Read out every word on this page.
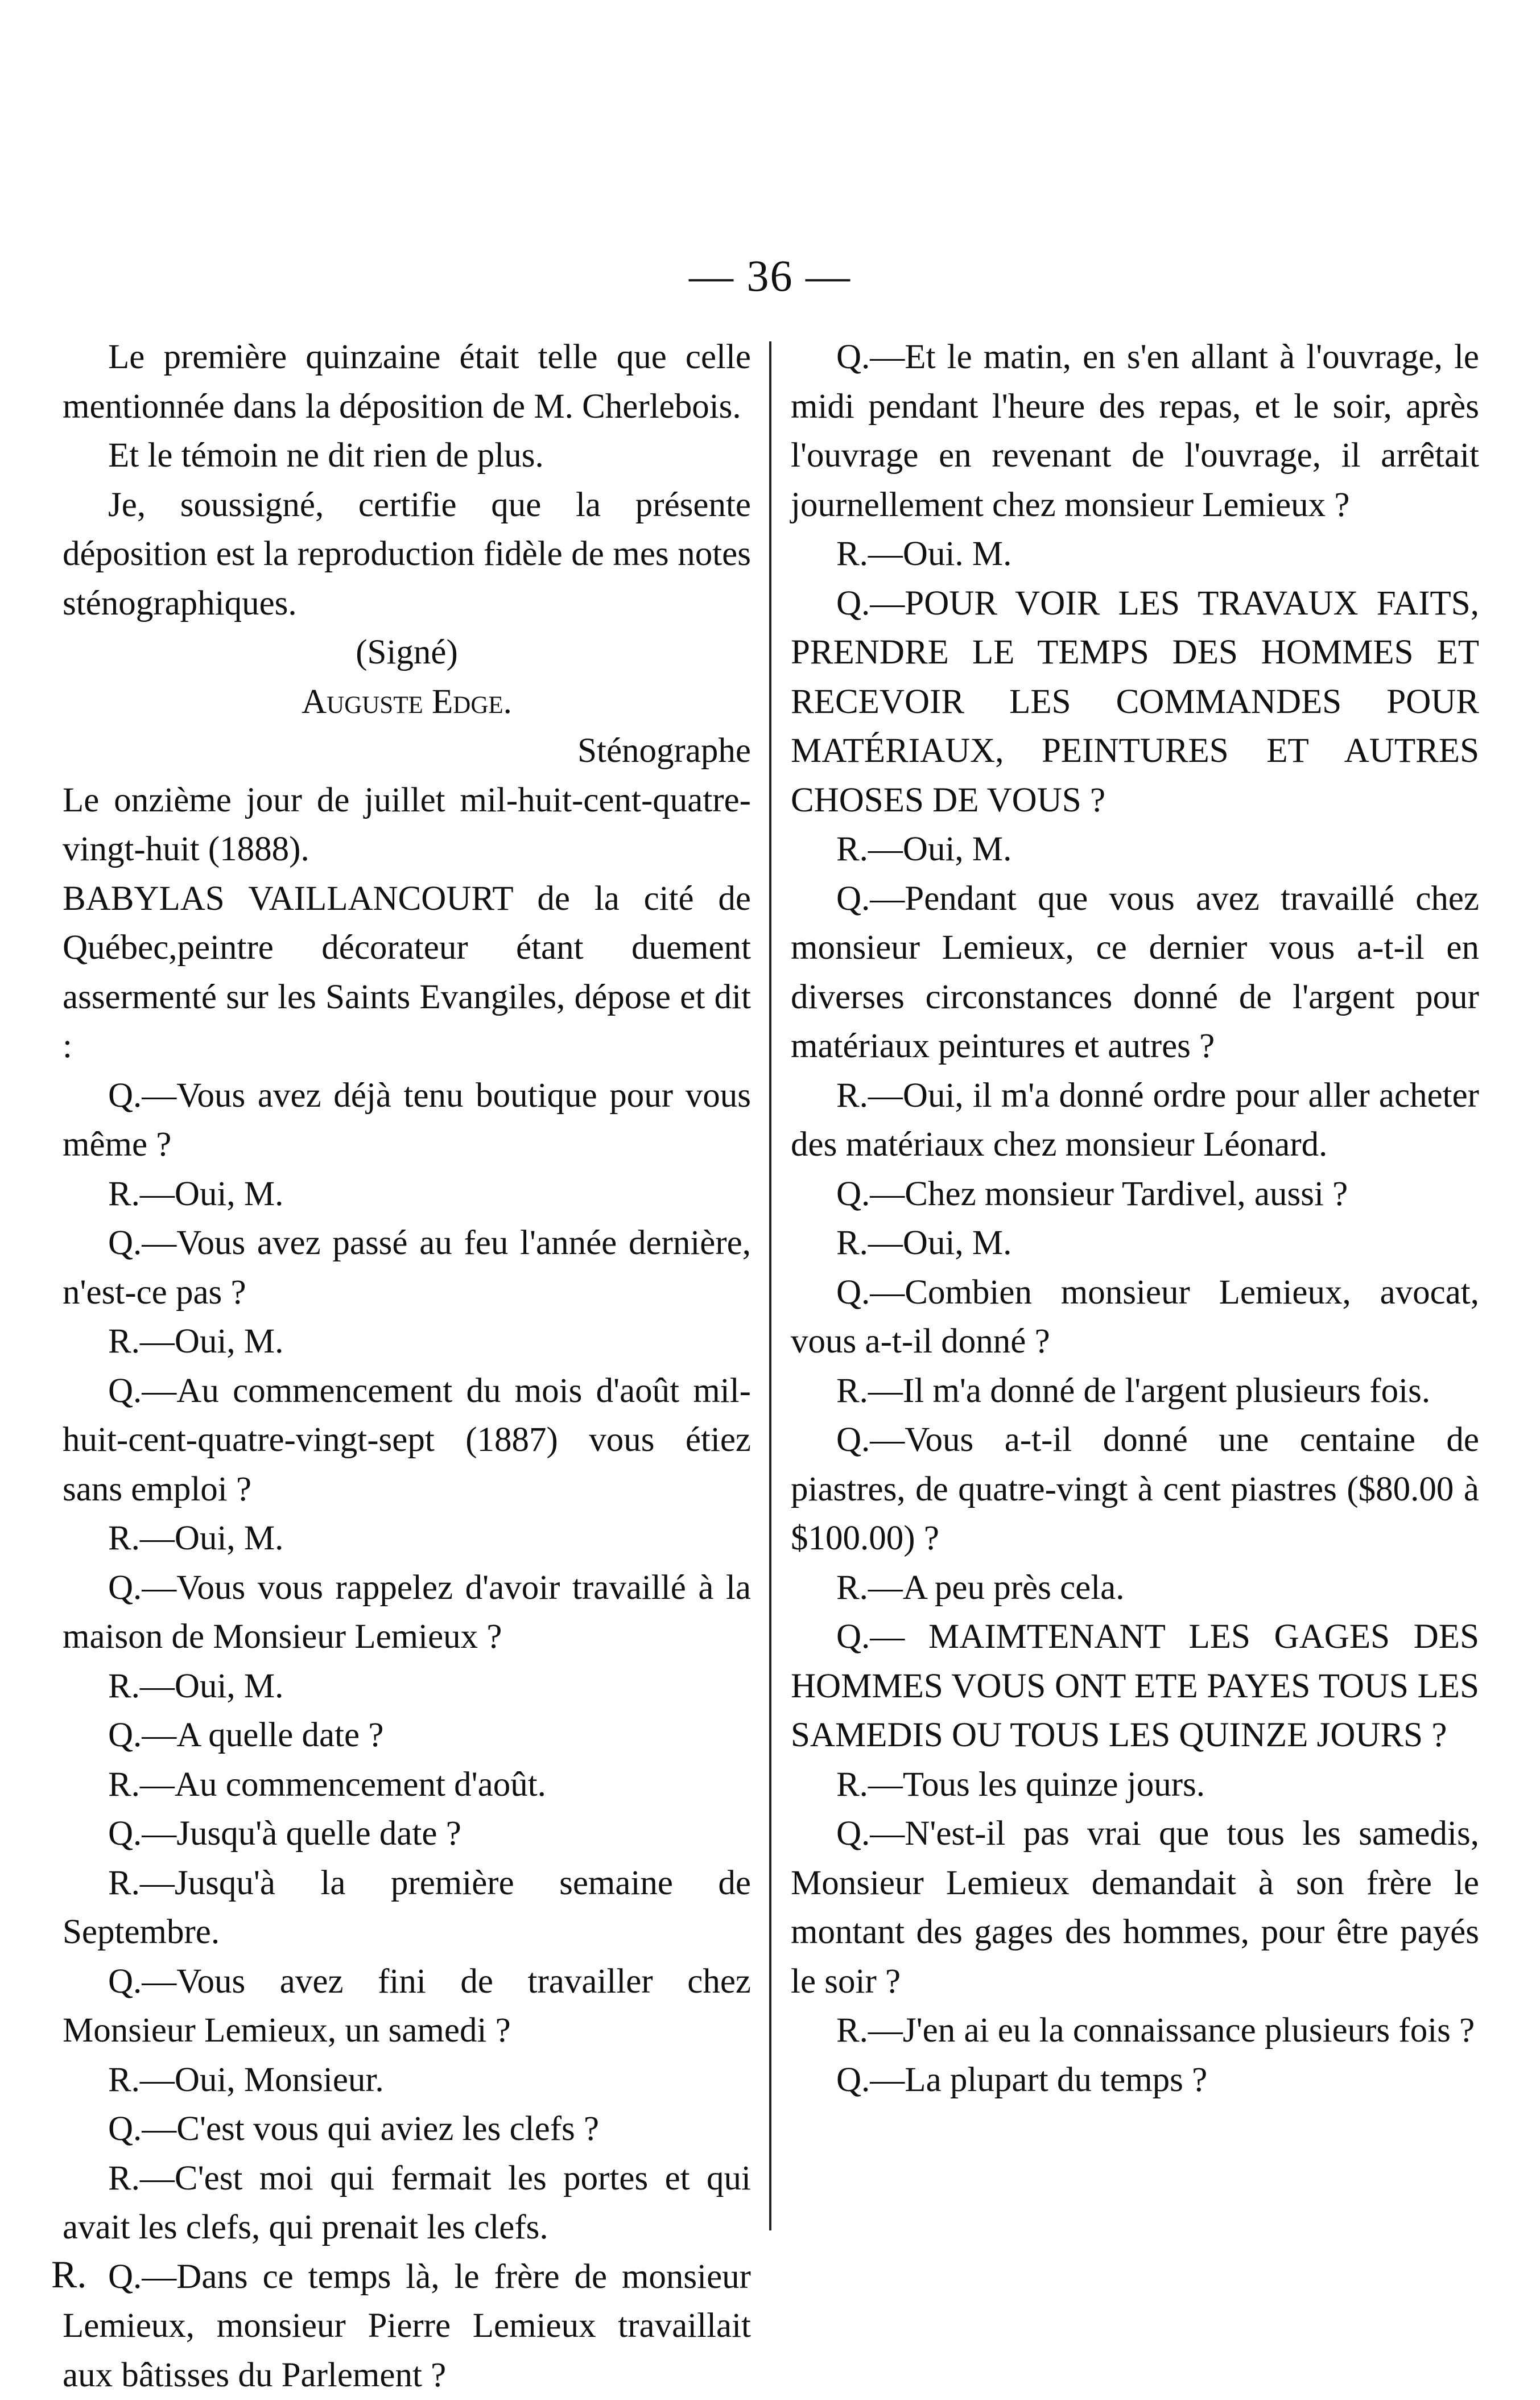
— 36 —

Le première quinzaine était telle que celle mentionnée dans la déposition de M. Cherlebois.

Et le témoin ne dit rien de plus.

Je, soussigné, certifie que la présente déposition est la reproduction fidèle de mes notes sténographiques.

(Signé)

Auguste Edge.

Sténographe

Le onzième jour de juillet mil-huit-cent-quatre-vingt-huit (1888).

BABYLAS VAILLANCOURT de la cité de Québec,peintre décorateur étant duement assermenté sur les Saints Evangiles, dépose et dit :

Q.—Vous avez déjà tenu boutique pour vous même ?

R.—Oui, M.

Q.—Vous avez passé au feu l'année dernière, n'est-ce pas ?

R.—Oui, M.

Q.—Au commencement du mois d'août mil-huit-cent-quatre-vingt-sept (1887) vous étiez sans emploi ?

R.—Oui, M.

Q.—Vous vous rappelez d'avoir travaillé à la maison de Monsieur Lemieux ?

R.—Oui, M.

Q.—A quelle date ?

R.—Au commencement d'août.

Q.—Jusqu'à quelle date ?

R.—Jusqu'à la première semaine de Septembre.

Q.—Vous avez fini de travailler chez Monsieur Lemieux, un samedi ?

R.—Oui, Monsieur.

Q.—C'est vous qui aviez les clefs ?

R.—C'est moi qui fermait les portes et qui avait les clefs, qui prenait les clefs.

Q.—Dans ce temps là, le frère de monsieur Lemieux, monsieur Pierre Lemieux travaillait aux bâtisses du Parlement ?

Q.—Et le matin, en s'en allant à l'ouvrage, le midi pendant l'heure des repas, et le soir, après l'ouvrage en revenant de l'ouvrage, il arrêtait journellement chez monsieur Lemieux ?

R.—Oui. M.

Q.—POUR VOIR LES TRAVAUX FAITS, PRENDRE LE TEMPS DES HOMMES ET RECEVOIR LES COMMANDES POUR MATÉRIAUX, PEINTURES ET AUTRES CHOSES DE VOUS ?

R.—Oui, M.

Q.—Pendant que vous avez travaillé chez monsieur Lemieux, ce dernier vous a-t-il en diverses circonstances donné de l'argent pour matériaux peintures et autres ?

R.—Oui, il m'a donné ordre pour aller acheter des matériaux chez monsieur Léonard.

Q.—Chez monsieur Tardivel, aussi ?

R.—Oui, M.

Q.—Combien monsieur Lemieux, avocat, vous a-t-il donné ?

R.—Il m'a donné de l'argent plusieurs fois.

Q.—Vous a-t-il donné une centaine de piastres, de quatre-vingt à cent piastres ($80.00 à $100.00) ?

R.—A peu près cela.

Q.— MAIMTENANT LES GAGES DES HOMMES VOUS ONT ETE PAYES TOUS LES SAMEDIS OU TOUS LES QUINZE JOURS ?

R.—Tous les quinze jours.

Q.—N'est-il pas vrai que tous les samedis, Monsieur Lemieux demandait à son frère le montant des gages des hommes, pour être payés le soir ?

R.—J'en ai eu la connaissance plusieurs fois ?

Q.—La plupart du temps ?

R.
